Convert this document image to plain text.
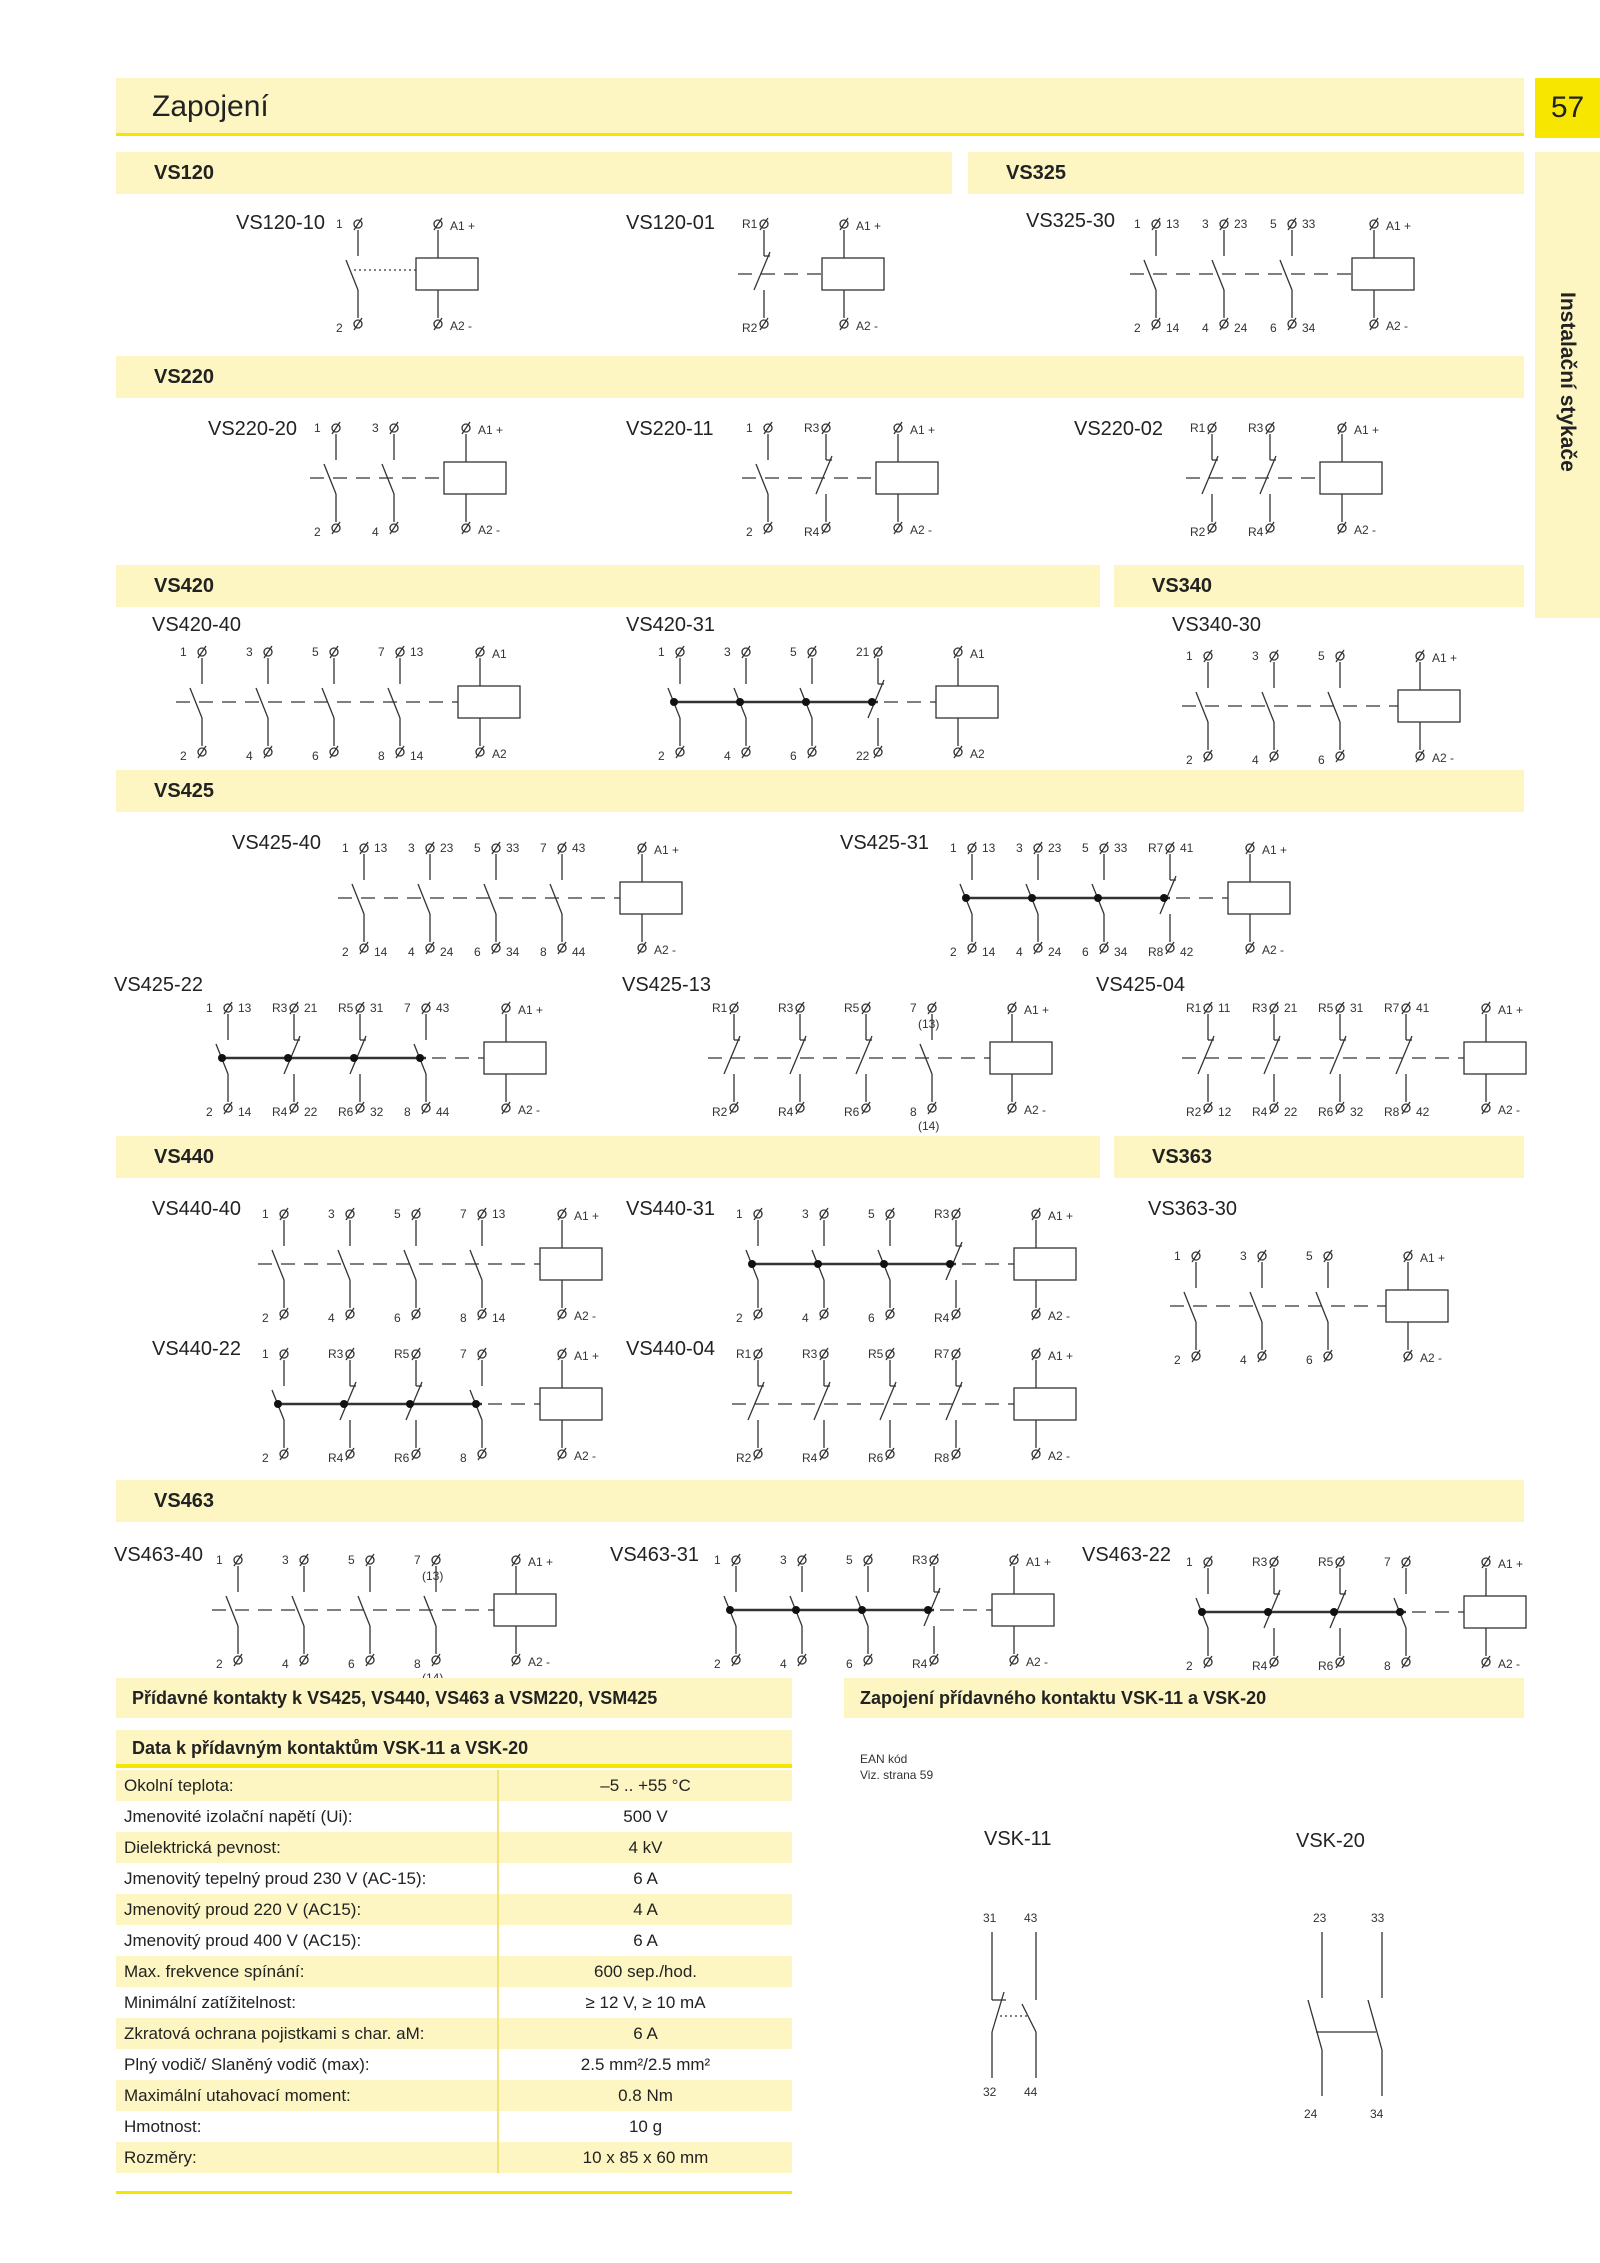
Zapojení	57
Instalační stykače
VS120	VS325
VS220
VS420	VS340
VS425
VS440	VS363
VS463
VS120-10	VS120-01	VS325-30
VS220-20	VS220-11	VS220-02
VS420-40	VS420-31	VS340-30
VS425-40	VS425-31
VS425-22	VS425-13	VS425-04
VS440-40	VS440-31	VS363-30
VS440-22	VS440-04
VS463-40	VS463-31	VS463-22
1
2
A1 +
A2 -
R1
R2
A1 +
A2 -
1
2
13
14
3
4
23
24
5
6
33
34
A1 +
A2 -
1
2
3
4
A1 +
A2 -
1
2
R3
R4
A1 +
A2 -
R1
R2
R3
R4
A1 +
A2 -
1
2
3
4
5
6
7
8
13
14
A1
A2
1
2
3
4
5
6
21
22
A1
A2
1
2
3
4
5
6
A1 +
A2 -
1
2
13
14
3
4
23
24
5
6
33
34
7
8
43
44
A1 +
A2 -
1
2
13
14
3
4
23
24
5
6
33
34
R7
R8
41
42
A1 +
A2 -
1
2
13
14
R3
R4
21
22
R5
R6
31
32
7
8
43
44
A1 +
A2 -
R1
R2
R3
R4
R5
R6
7
8
(13)
(14)
A1 +
A2 -
R1
R2
11
12
R3
R4
21
22
R5
R6
31
32
R7
R8
41
42
A1 +
A2 -
1
2
3
4
5
6
7
8
13
14
A1 +
A2 -
1
2
3
4
5
6
R3
R4
A1 +
A2 -
1
2
3
4
5
6
A1 +
A2 -
1
2
R3
R4
R5
R6
7
8
A1 +
A2 -
R1
R2
R3
R4
R5
R6
R7
R8
A1 +
A2 -
1
2
3
4
5
6
7
8
(13)
A1 +
A2 -
1
2
3
4
5
6
R3
R4
A1 +
A2 -
1
2
R3
R4
R5
R6
7
8
A1 +
A2 -
Přídavné kontakty k VS425, VS440, VS463 a VSM220, VSM425	Zapojení přídavného kontaktu VSK-11 a VSK-20
Data k přídavným kontaktům VSK-11 a VSK-20
Okolní teplota:	–5 .. +55 °C
Jmenovité izolační napětí (Ui):	500 V
Dielektrická pevnost:	4 kV
Jmenovitý tepelný proud 230 V (AC-15):	6 A
Jmenovitý proud 220 V (AC15):	4 A
Jmenovitý proud 400 V (AC15):	6 A
Max. frekvence spínání:	600 sep./hod.
Minimální zatížitelnost:	≥ 12 V, ≥ 10 mA
Zkratová ochrana pojistkami s char. aM:	6 A
Plný vodič/ Slaněný vodič (max):	2.5 mm²/2.5 mm²
Maximální utahovací moment:	0.8 Nm
Hmotnost:	10 g
Rozměry:	10 x 85 x 60 mm
EAN kód
Viz. strana 59
VSK-11	VSK-20
31 43
32 44
23	33
24	34
